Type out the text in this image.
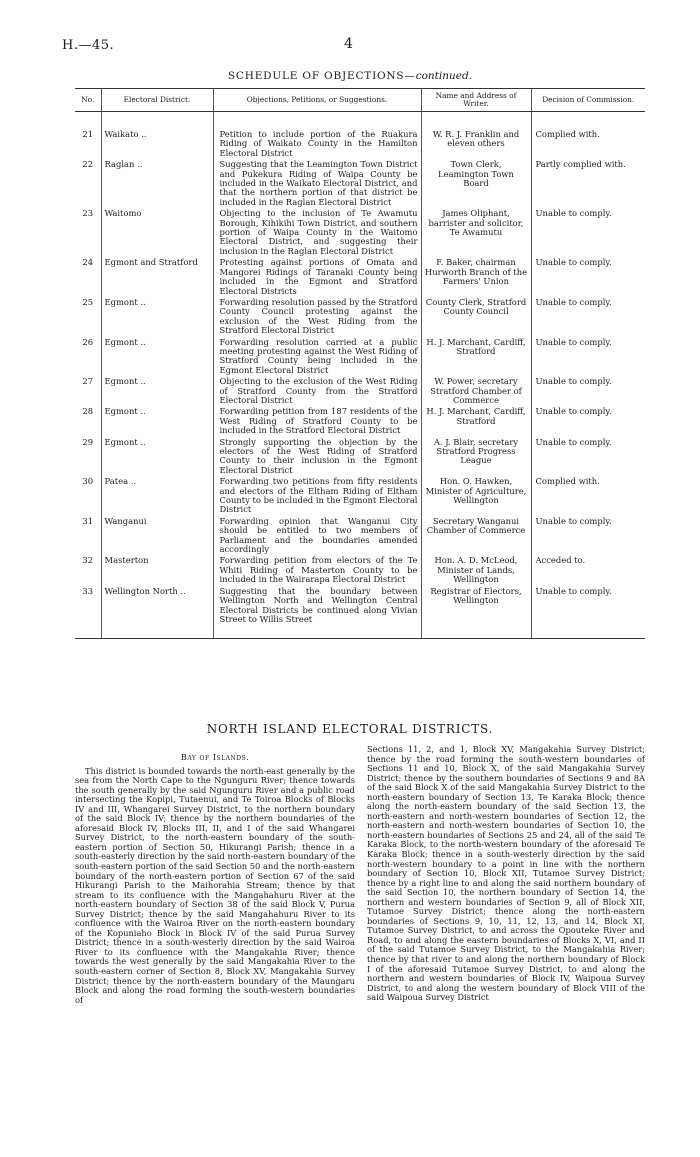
H.—45.	4
SCHEDULE OF OBJECTIONS—continued.
No.	Electoral District.	Objections, Petitions, or Suggestions.	Name and Address of Writer.	Decision of Commission.
21	Waikato ..	Petition to include portion of the Ruakura Riding of Waikato County in the Hamilton Electoral District	W. R. J. Franklin and eleven others	Complied with.
22	Raglan ..	Suggesting that the Leamington Town District and Pukekura Riding of Waipa County be included in the Waikato Electoral District, and that the northern portion of that district be included in the Raglan Electoral District	Town Clerk, Leamington Town Board	Partly complied with.
23	Waitomo	Objecting to the inclusion of Te Awamutu Borough, Kihikihi Town District, and southern portion of Waipa County in the Waitomo Electoral District, and suggesting their inclusion in the Raglan Electoral District	James Oliphant, barrister and solicitor, Te Awamutu	Unable to comply.
24	Egmont and Stratford	Protesting against portions of Omata and Mangorei Ridings of Taranaki County being included in the Egmont and Stratford Electoral Districts	F. Baker, chairman Hurworth Branch of the Farmers' Union	Unable to comply.
25	Egmont ..	Forwarding resolution passed by the Stratford County Council protesting against the exclusion of the West Riding from the Stratford Electoral District	County Clerk, Stratford County Council	Unable to comply.
26	Egmont ..	Forwarding resolution carried at a public meeting protesting against the West Riding of Stratford County being included in the Egmont Electoral District	H. J. Marchant, Cardiff, Stratford	Unable to comply.
27	Egmont ..	Objecting to the exclusion of the West Riding of Stratford County from the Stratford Electoral District	W. Power, secretary Stratford Chamber of Commerce	Unable to comply.
28	Egmont ..	Forwarding petition from 187 residents of the West Riding of Stratford County to be included in the Stratford Electoral District	H. J. Marchant, Cardiff, Stratford	Unable to comply.
29	Egmont ..	Strongly supporting the objection by the electors of the West Riding of Stratford County to their inclusion in the Egmont Electoral District	A. J. Blair, secretary Stratford Progress League	Unable to comply.
30	Patea ..	Forwarding two petitions from fifty residents and electors of the Eltham Riding of Eltham County to be included in the Egmont Electoral District	Hon. O. Hawken, Minister of Agriculture, Wellington	Complied with.
31	Wanganui	Forwarding opinion that Wanganui City should be entitled to two members of Parliament and the boundaries amended accordingly	Secretary Wanganui Chamber of Commerce	Unable to comply.
32	Masterton	Forwarding petition from electors of the Te Whiti Riding of Masterton County to be included in the Wairarapa Electoral District	Hon. A. D. McLeod, Minister of Lands, Wellington	Acceded to.
33	Wellington North ..	Suggesting that the boundary between Wellington North and Wellington Central Electoral Districts be continued along Vivian Street to Willis Street	Registrar of Electors, Wellington	Unable to comply.
NORTH ISLAND ELECTORAL DISTRICTS.
Bay of Islands.

This district is bounded towards the north-east generally by the sea from the North Cape to the Ngunguru River; thence towards the south generally by the said Ngunguru River and a public road intersecting the Kopipi, Tutaenui, and Te Toiroa Blocks of Blocks IV and III, Whangarei Survey District, to the northern boundary of the said Block IV; thence by the northern boundaries of the aforesaid Block IV, Blocks III, II, and I of the said Whangarei Survey District, to the north-eastern boundary of the south-eastern portion of Section 50, Hikurangi Parish; thence in a south-easterly direction by the said north-eastern boundary of the south-eastern portion of the said Section 50 and the north-eastern boundary of the north-eastern portion of Section 67 of the said Hikurangi Parish to the Maihorahia Stream; thence by that stream to its confluence with the Mangahahuru River at the north-eastern boundary of Section 38 of the said Block V, Purua Survey District; thence by the said Mangahahuru River to its confluence with the Wairoa River on the north-eastern boundary of the Kopuniaho Block in Block IV of the said Purua Survey District; thence in a south-westerly direction by the said Wairoa River to its confluence with the Mangakahia River; thence towards the west generally by the said Mangakahia River to the south-eastern corner of Section 8, Block XV, Mangakahia Survey District; thence by the north-eastern boundary of the Maungaru Block and along the road forming the south-western boundaries of

Sections 11, 2, and 1, Block XV, Mangakahia Survey District; thence by the road forming the south-western boundaries of Sections 11 and 10, Block X, of the said Mangakahia Survey District; thence by the southern boundaries of Sections 9 and 8A of the said Block X of the said Mangakahia Survey District to the north-eastern boundary of Section 13, Te Karaka Block; thence along the north-eastern boundary of the said Section 13, the north-eastern and north-western boundaries of Section 12, the north-eastern and north-western boundaries of Section 10, the north-eastern boundaries of Sections 25 and 24, all of the said Te Karaka Block, to the north-western boundary of the aforesaid Te Karaka Block; thence in a south-westerly direction by the said north-western boundary to a point in line with the northern boundary of Section 10, Block XII, Tutamoe Survey District; thence by a right line to and along the said northern boundary of the said Section 10, the northern boundary of Section 14, the northern and western boundaries of Section 9, all of Block XII, Tutamoe Survey District; thence along the north-eastern boundaries of Sections 9, 10, 11, 12, 13, and 14, Block XI, Tutamoe Survey District, to and across the Opouteke River and Road, to and along the eastern boundaries of Blocks X, VI, and II of the said Tutamoe Survey District, to the Mangakahia River; thence by that river to and along the northern boundary of Block I of the aforesaid Tutamoe Survey District, to and along the northern and western boundaries of Block IV, Waipoua Survey District, to and along the western boundary of Block VIII of the said Waipoua Survey District
